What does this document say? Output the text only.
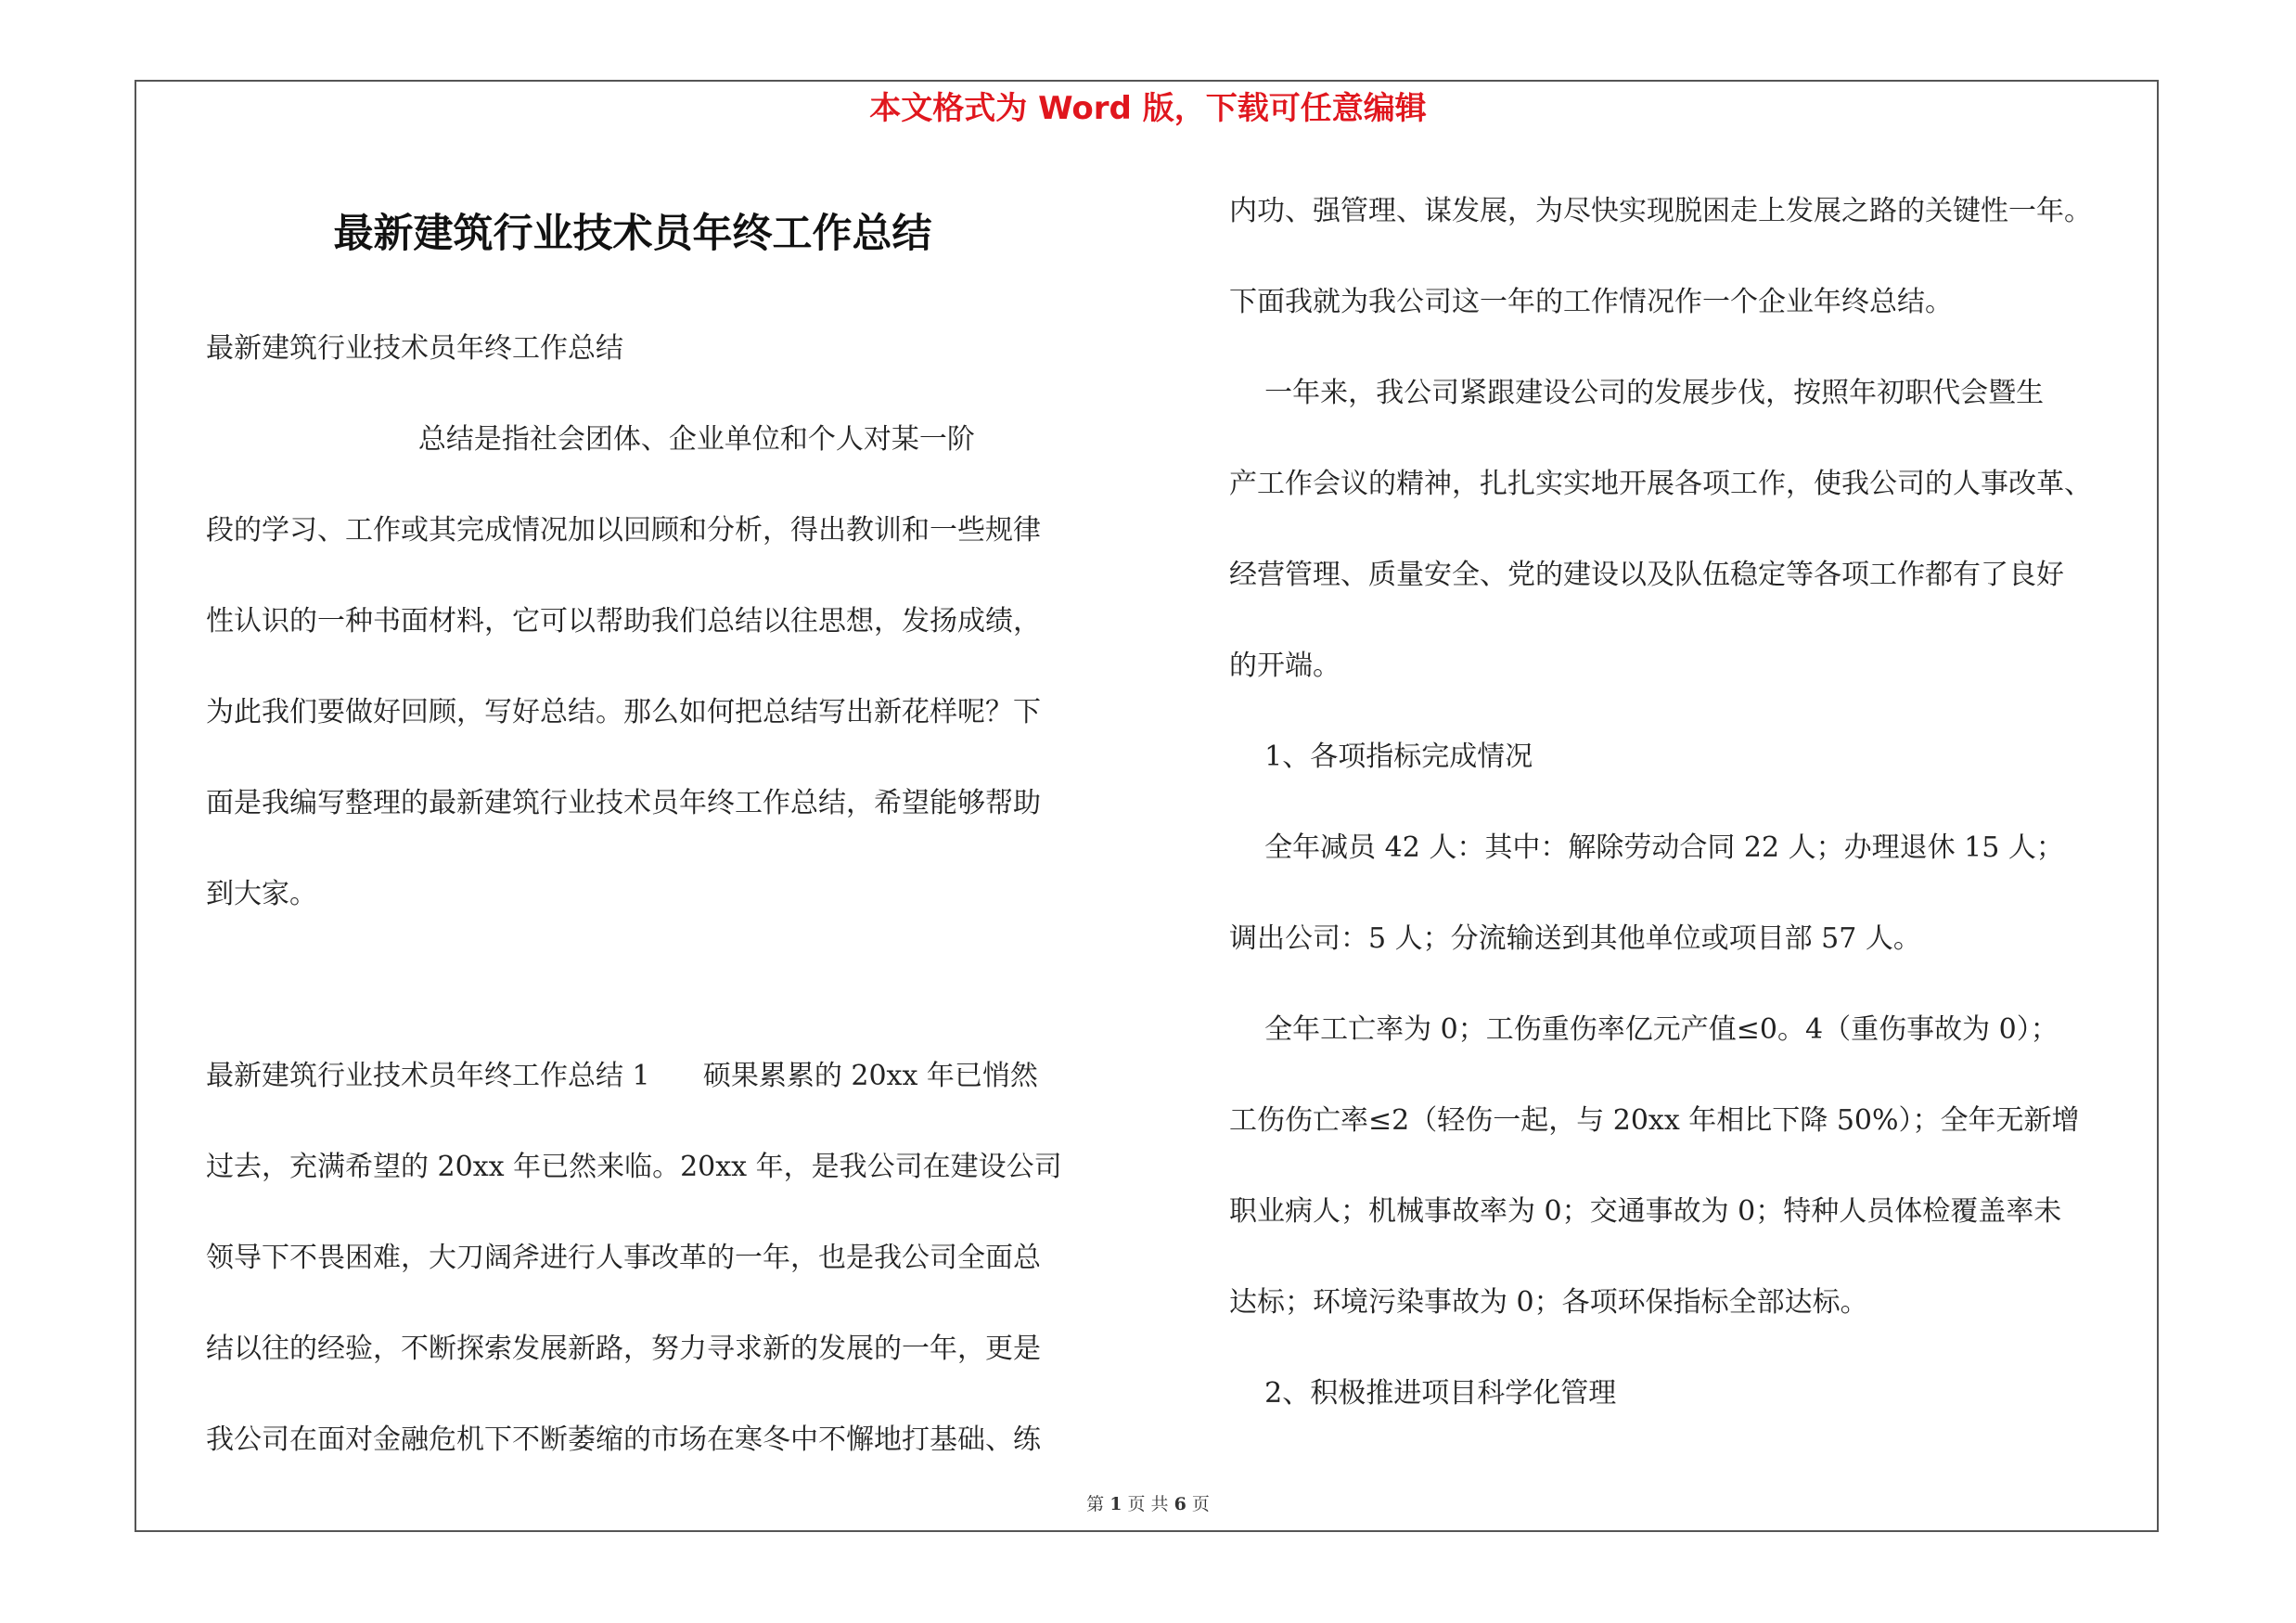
本文格式为 Word 版，下载可任意编辑
最新建筑行业技术员年终工作总结
最新建筑行业技术员年终工作总结
总结是指社会团体、企业单位和个人对某一阶
段的学习、工作或其完成情况加以回顾和分析，得出教训和一些规律
性认识的一种书面材料，它可以帮助我们总结以往思想，发扬成绩，
为此我们要做好回顾，写好总结。那么如何把总结写出新花样呢？下
面是我编写整理的最新建筑行业技术员年终工作总结，希望能够帮助
到大家。
最新建筑行业技术员年终工作总结 1      硕果累累的 20xx 年已悄然
过去，充满希望的 20xx 年已然来临。20xx 年，是我公司在建设公司
领导下不畏困难，大刀阔斧进行人事改革的一年，也是我公司全面总
结以往的经验，不断探索发展新路，努力寻求新的发展的一年，更是
我公司在面对金融危机下不断萎缩的市场在寒冬中不懈地打基础、练
内功、强管理、谋发展，为尽快实现脱困走上发展之路的关键性一年。
下面我就为我公司这一年的工作情况作一个企业年终总结。
一年来，我公司紧跟建设公司的发展步伐，按照年初职代会暨生
产工作会议的精神，扎扎实实地开展各项工作，使我公司的人事改革、
经营管理、质量安全、党的建设以及队伍稳定等各项工作都有了良好
的开端。
1、各项指标完成情况
全年减员 42 人：其中：解除劳动合同 22 人；办理退休 15 人；
调出公司：5 人；分流输送到其他单位或项目部 57 人。
全年工亡率为 0；工伤重伤率亿元产值≤0。4（重伤事故为 0）；
工伤伤亡率≤2（轻伤一起，与 20xx 年相比下降 50%）；全年无新增
职业病人；机械事故率为 0；交通事故为 0；特种人员体检覆盖率未
达标；环境污染事故为 0；各项环保指标全部达标。
2、积极推进项目科学化管理
第 1 页 共 6 页
